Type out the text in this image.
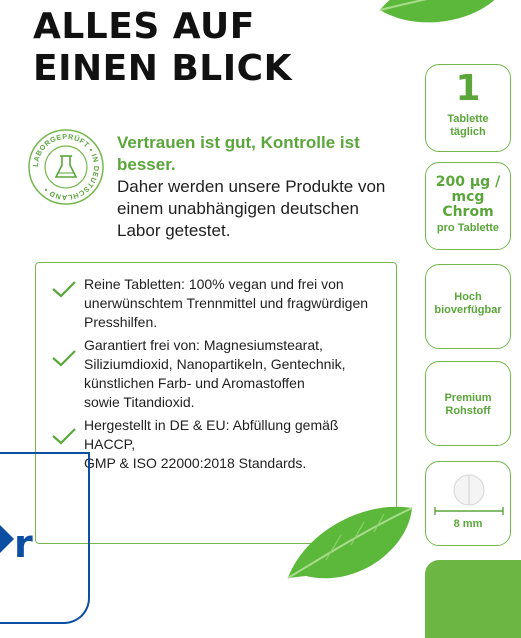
ALLES AUF
EINEN BLICK
LABORGEPRÜFT • IN DEUTSCHLAND •
Vertrauen ist gut, Kontrolle ist besser.
Daher werden unsere Produkte von
einem unabhängigen deutschen
Labor getestet.
Reine Tabletten: 100% vegan und frei von
unerwünschtem Trennmittel und fragwürdigen
Presshilfen.
Garantiert frei von: Magnesiumstearat,
Siliziumdioxid, Nanopartikeln, Gentechnik,
künstlichen Farb- und Aromastoffen
sowie Titandioxid.
Hergestellt in DE & EU: Abfüllung gemäß HACCP,
GMP & ISO 22000:2018 Standards.
r
1
Tablette
täglich
200 µg /
mcg
Chrom
pro Tablette
Hoch
bioverfügbar
Premium
Rohstoff
8 mm
